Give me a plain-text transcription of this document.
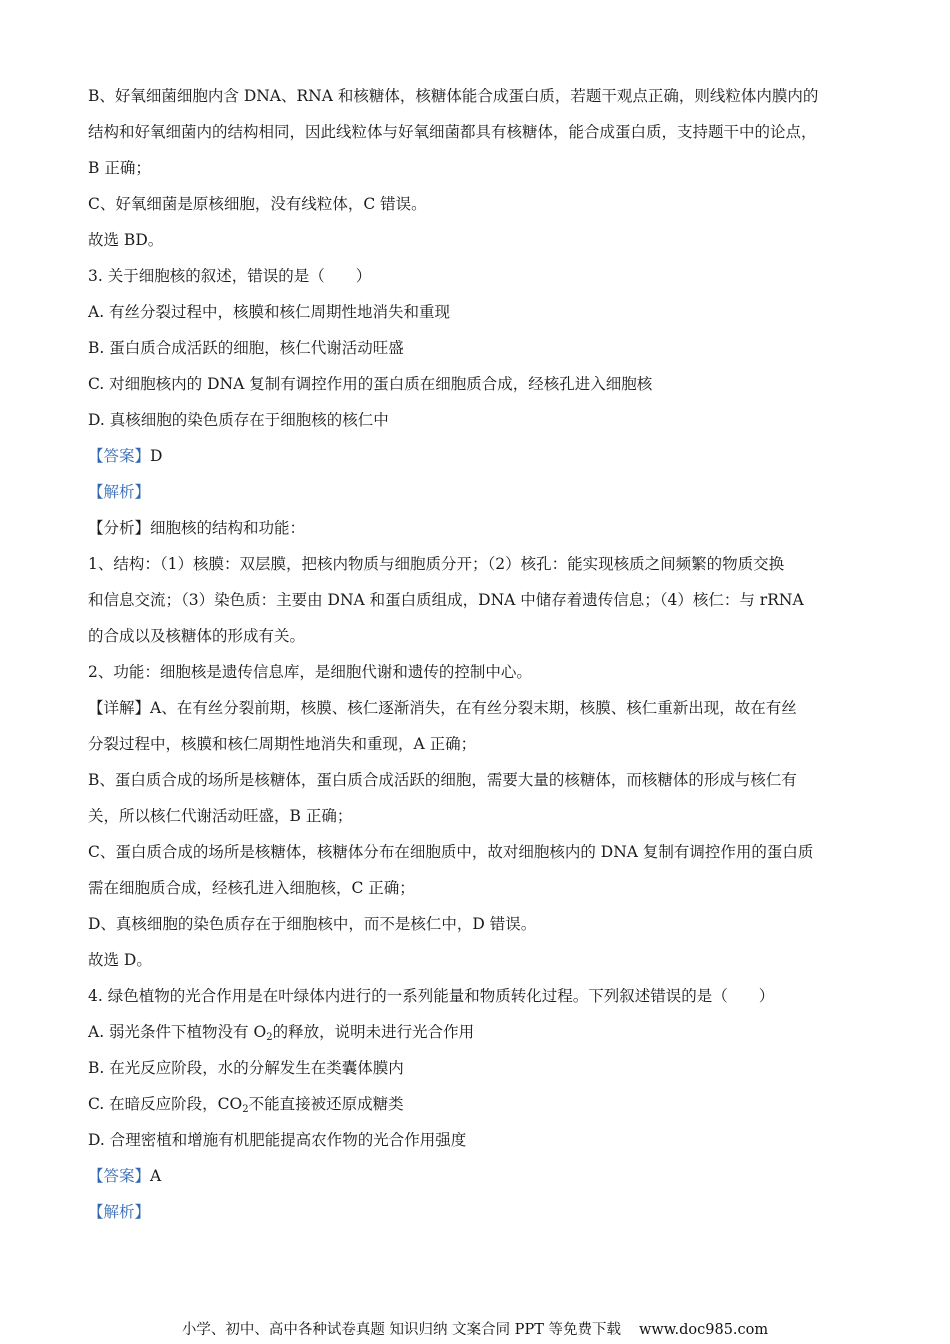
B、好氧细菌细胞内含 DNA、RNA 和核糖体，核糖体能合成蛋白质，若题干观点正确，则线粒体内膜内的

结构和好氧细菌内的结构相同，因此线粒体与好氧细菌都具有核糖体，能合成蛋白质，支持题干中的论点，

B 正确；

C、好氧细菌是原核细胞，没有线粒体，C 错误。

故选 BD。

3. 关于细胞核的叙述，错误的是（　　）

A. 有丝分裂过程中，核膜和核仁周期性地消失和重现

B. 蛋白质合成活跃的细胞，核仁代谢活动旺盛

C. 对细胞核内的 DNA 复制有调控作用的蛋白质在细胞质合成，经核孔进入细胞核

D. 真核细胞的染色质存在于细胞核的核仁中

【答案】D

【解析】

【分析】细胞核的结构和功能：

1、结构：（1）核膜：双层膜，把核内物质与细胞质分开；（2）核孔：能实现核质之间频繁的物质交换

和信息交流；（3）染色质：主要由 DNA 和蛋白质组成，DNA 中储存着遗传信息；（4）核仁：与 rRNA

的合成以及核糖体的形成有关。

2、功能：细胞核是遗传信息库，是细胞代谢和遗传的控制中心。

【详解】A、在有丝分裂前期，核膜、核仁逐渐消失，在有丝分裂末期，核膜、核仁重新出现，故在有丝

分裂过程中，核膜和核仁周期性地消失和重现，A 正确；

B、蛋白质合成的场所是核糖体，蛋白质合成活跃的细胞，需要大量的核糖体，而核糖体的形成与核仁有

关，所以核仁代谢活动旺盛，B 正确；

C、蛋白质合成的场所是核糖体，核糖体分布在细胞质中，故对细胞核内的 DNA 复制有调控作用的蛋白质

需在细胞质合成，经核孔进入细胞核，C 正确；

D、真核细胞的染色质存在于细胞核中，而不是核仁中，D 错误。

故选 D。

4. 绿色植物的光合作用是在叶绿体内进行的一系列能量和物质转化过程。下列叙述错误的是（　　）

A. 弱光条件下植物没有 $O_2$的释放，说明未进行光合作用

B. 在光反应阶段，水的分解发生在类囊体膜内

C. 在暗反应阶段，$CO_2$不能直接被还原成糖类

D. 合理密植和增施有机肥能提高农作物的光合作用强度

【答案】A

【解析】

小学、初中、高中各种试卷真题 知识归纳 文案合同 PPT 等免费下载 www.doc985.com
